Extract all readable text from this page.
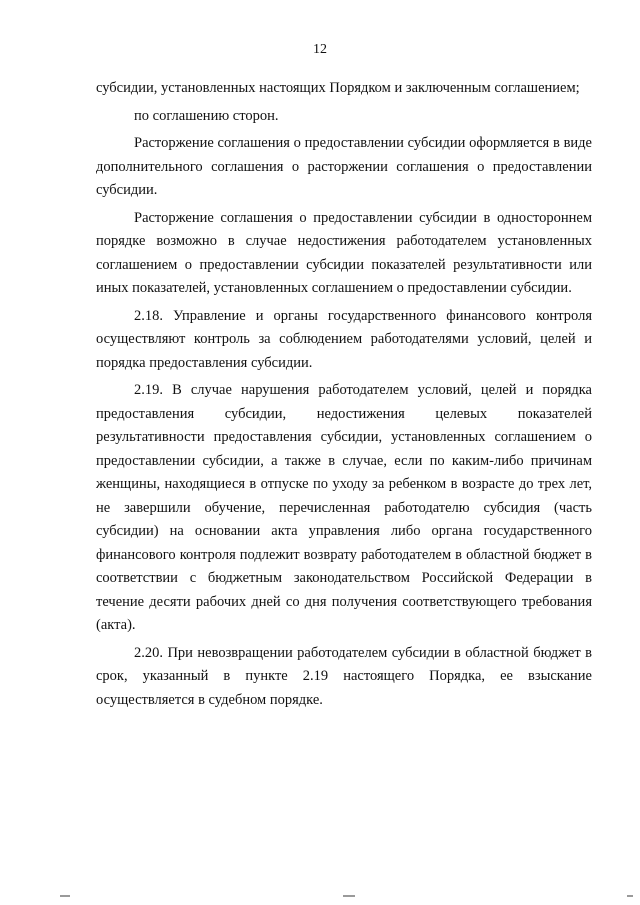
12

субсидии, установленных настоящих Порядком и заключенным соглашением;

по соглашению сторон.

Расторжение соглашения о предоставлении субсидии оформляется в виде дополнительного соглашения о расторжении соглашения о предоставлении субсидии.

Расторжение соглашения о предоставлении субсидии в одностороннем порядке возможно в случае недостижения работодателем установленных соглашением о предоставлении субсидии показателей результативности или иных показателей, установленных соглашением о предоставлении субсидии.

2.18. Управление и органы государственного финансового контроля осуществляют контроль за соблюдением работодателями условий, целей и порядка предоставления субсидии.

2.19. В случае нарушения работодателем условий, целей и порядка предоставления субсидии, недостижения целевых показателей результативности предоставления субсидии, установленных соглашением о предоставлении субсидии, а также в случае, если по каким-либо причинам женщины, находящиеся в отпуске по уходу за ребенком в возрасте до трех лет, не завершили обучение, перечисленная работодателю субсидия (часть субсидии) на основании акта управления либо органа государственного финансового контроля подлежит возврату работодателем в областной бюджет в соответствии с бюджетным законодательством Российской Федерации в течение десяти рабочих дней со дня получения соответствующего требования (акта).

2.20. При невозвращении работодателем субсидии в областной бюджет в срок, указанный в пункте 2.19 настоящего Порядка, ее взыскание осуществляется в судебном порядке.
